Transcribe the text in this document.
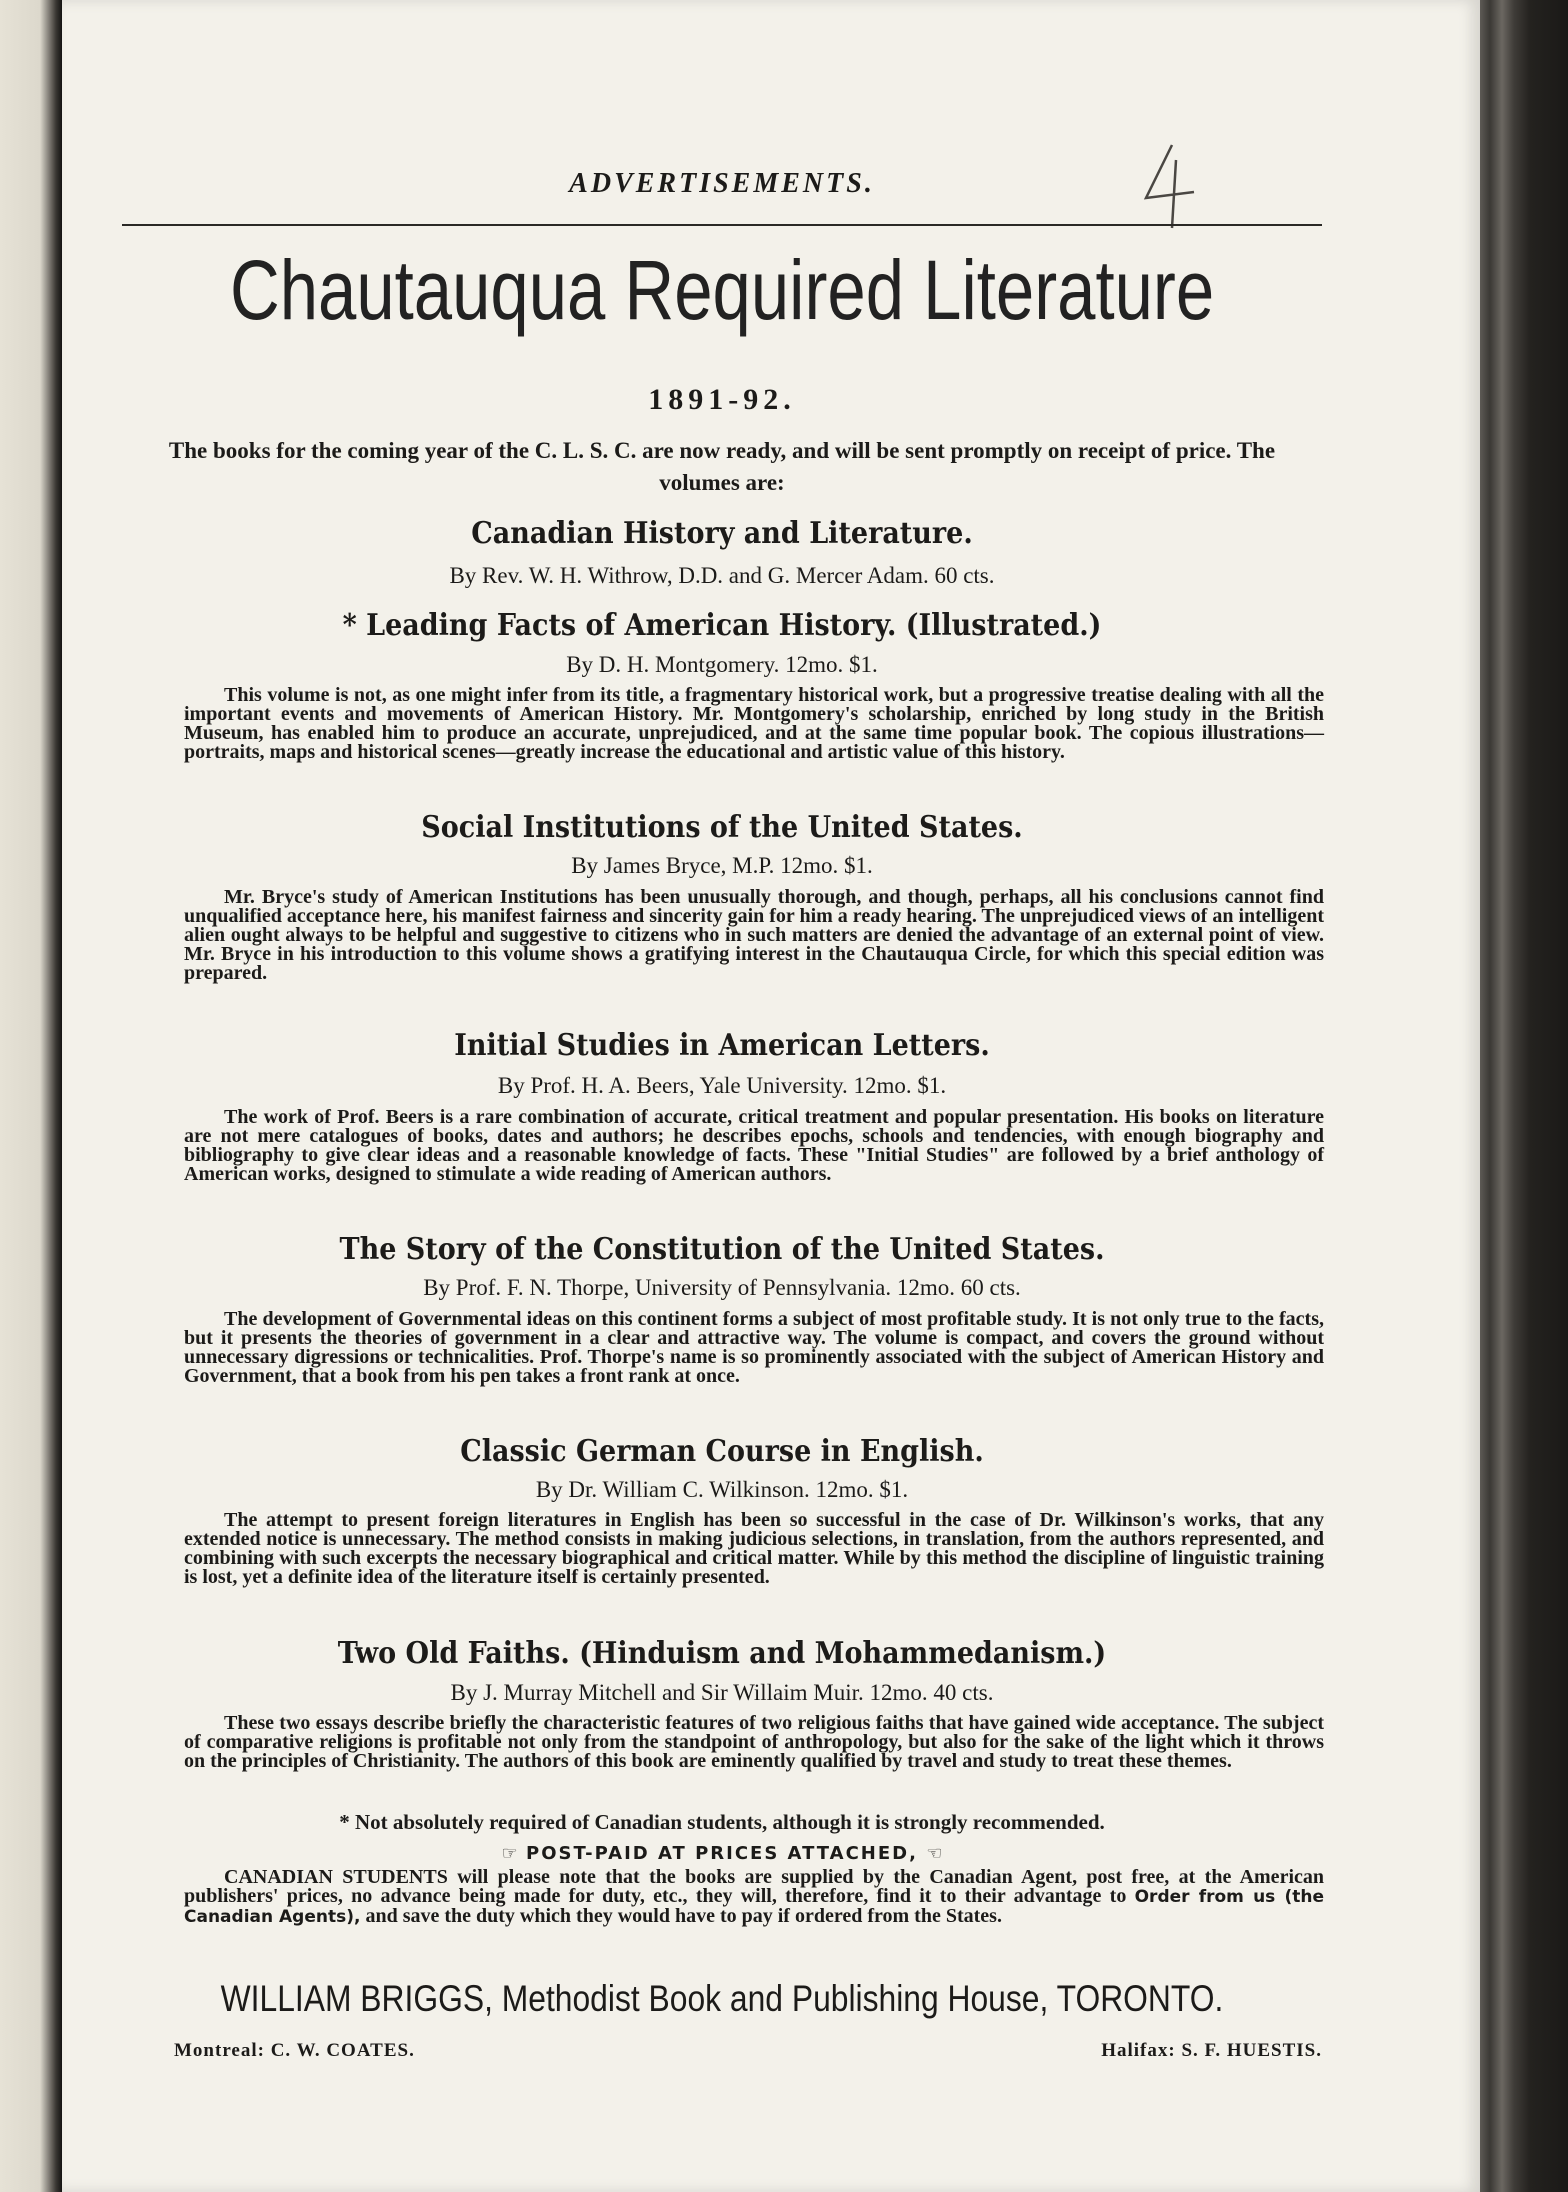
ADVERTISEMENTS.
Chautauqua Required Literature
1891-92.
The books for the coming year of the C. L. S. C. are now ready, and will be sent promptly on receipt of price. The volumes are:
Canadian History and Literature.
By Rev. W. H. Withrow, D.D. and G. Mercer Adam. 60 cts.
* Leading Facts of American History. (Illustrated.)
By D. H. Montgomery. 12mo. $1.
This volume is not, as one might infer from its title, a fragmentary historical work, but a progressive treatise dealing with all the important events and movements of American History. Mr. Montgomery's scholarship, enriched by long study in the British Museum, has enabled him to produce an accurate, unprejudiced, and at the same time popular book. The copious illustrations—portraits, maps and historical scenes—greatly increase the educational and artistic value of this history.
Social Institutions of the United States.
By James Bryce, M.P. 12mo. $1.
Mr. Bryce's study of American Institutions has been unusually thorough, and though, perhaps, all his conclusions cannot find unqualified acceptance here, his manifest fairness and sincerity gain for him a ready hearing. The unprejudiced views of an intelligent alien ought always to be helpful and suggestive to citizens who in such matters are denied the advantage of an external point of view. Mr. Bryce in his introduction to this volume shows a gratifying interest in the Chautauqua Circle, for which this special edition was prepared.
Initial Studies in American Letters.
By Prof. H. A. Beers, Yale University. 12mo. $1.
The work of Prof. Beers is a rare combination of accurate, critical treatment and popular presentation. His books on literature are not mere catalogues of books, dates and authors; he describes epochs, schools and tendencies, with enough biography and bibliography to give clear ideas and a reasonable knowledge of facts. These "Initial Studies" are followed by a brief anthology of American works, designed to stimulate a wide reading of American authors.
The Story of the Constitution of the United States.
By Prof. F. N. Thorpe, University of Pennsylvania. 12mo. 60 cts.
The development of Governmental ideas on this continent forms a subject of most profitable study. It is not only true to the facts, but it presents the theories of government in a clear and attractive way. The volume is compact, and covers the ground without unnecessary digressions or technicalities. Prof. Thorpe's name is so prominently associated with the subject of American History and Government, that a book from his pen takes a front rank at once.
Classic German Course in English.
By Dr. William C. Wilkinson. 12mo. $1.
The attempt to present foreign literatures in English has been so successful in the case of Dr. Wilkinson's works, that any extended notice is unnecessary. The method consists in making judicious selections, in translation, from the authors represented, and combining with such excerpts the necessary biographical and critical matter. While by this method the discipline of linguistic training is lost, yet a definite idea of the literature itself is certainly presented.
Two Old Faiths. (Hinduism and Mohammedanism.)
By J. Murray Mitchell and Sir Willaim Muir. 12mo. 40 cts.
These two essays describe briefly the characteristic features of two religious faiths that have gained wide acceptance. The subject of comparative religions is profitable not only from the standpoint of anthropology, but also for the sake of the light which it throws on the principles of Christianity. The authors of this book are eminently qualified by travel and study to treat these themes.
* Not absolutely required of Canadian students, although it is strongly recommended.
☞ POST-PAID AT PRICES ATTACHED, ☜
CANADIAN STUDENTS will please note that the books are supplied by the Canadian Agent, post free, at the American publishers' prices, no advance being made for duty, etc., they will, therefore, find it to their advantage to Order from us (the Canadian Agents), and save the duty which they would have to pay if ordered from the States.
WILLIAM BRIGGS, Methodist Book and Publishing House, TORONTO.
Montreal: C. W. COATES.	Halifax: S. F. HUESTIS.
